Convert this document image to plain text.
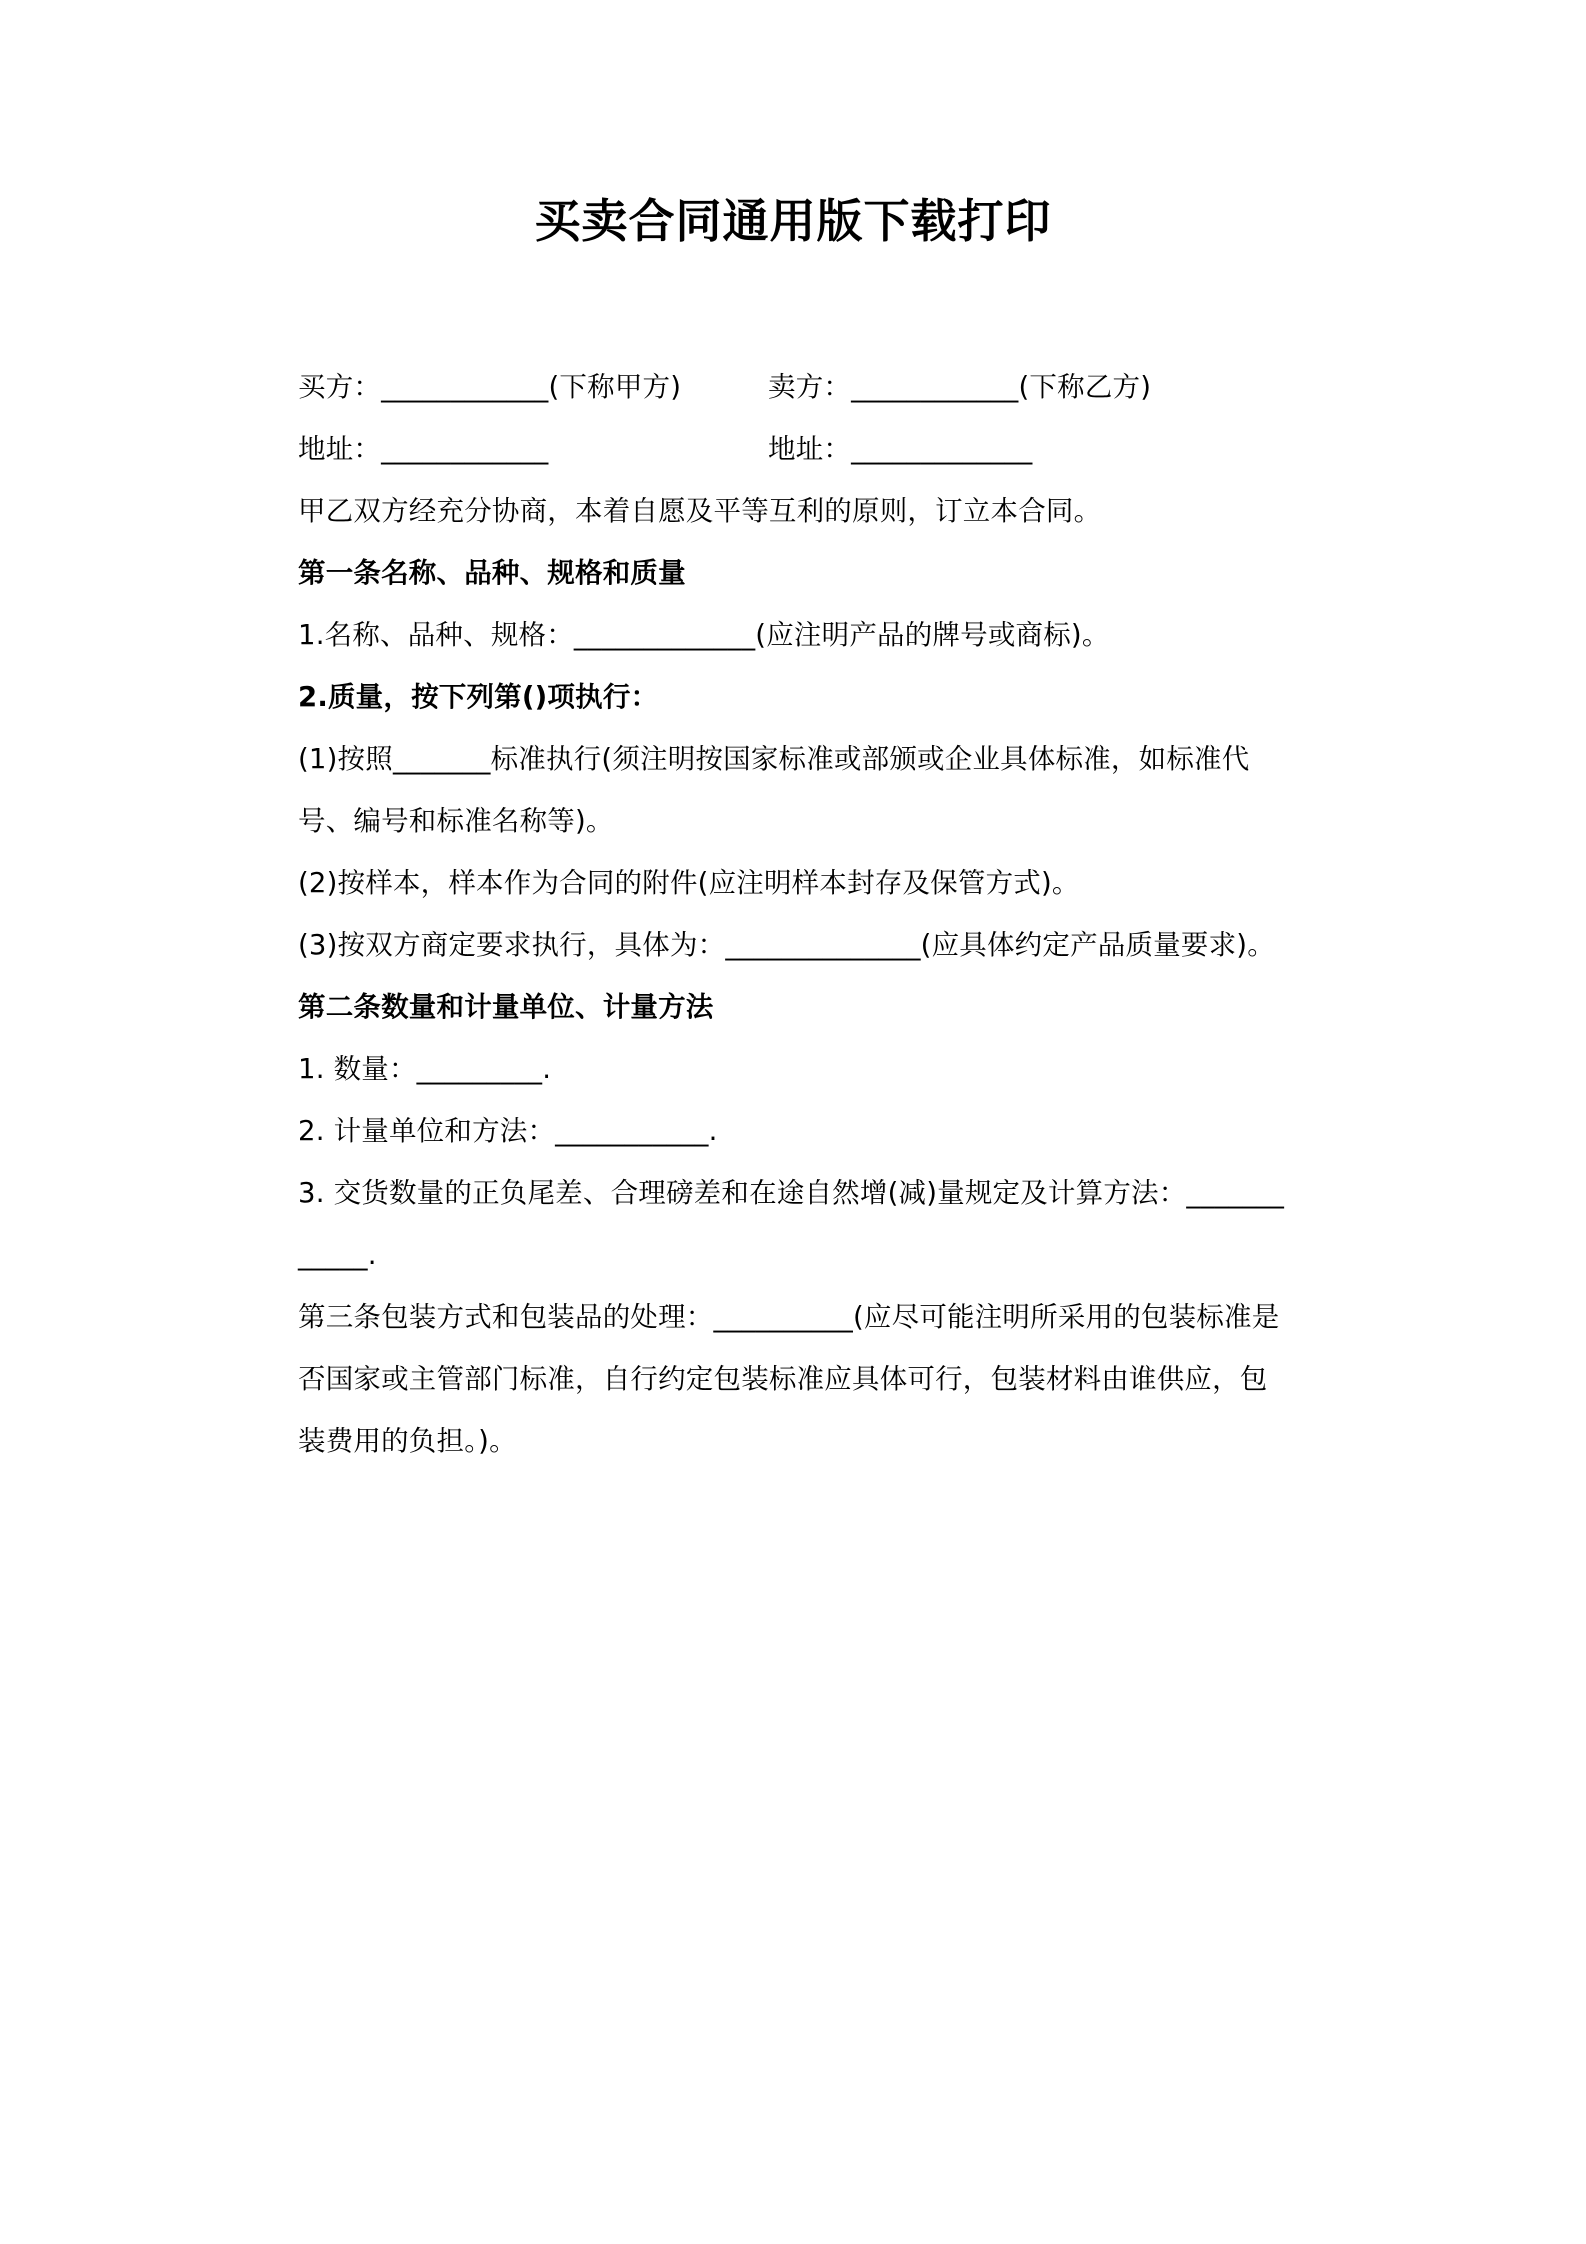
买卖合同通用版下载打印
买方：____________(下称甲方)	卖方：____________(下称乙方)
地址：____________	地址：_____________

甲乙双方经充分协商，本着自愿及平等互利的原则，订立本合同。

第一条名称、品种、规格和质量

1.名称、品种、规格：_____________(应注明产品的牌号或商标)。

2.质量，按下列第()项执行：

(1)按照_______标准执行(须注明按国家标准或部颁或企业具体标准，如标准代号、编号和标准名称等)。

(2)按样本，样本作为合同的附件(应注明样本封存及保管方式)。

(3)按双方商定要求执行，具体为：______________(应具体约定产品质量要求)。

第二条数量和计量单位、计量方法

1. 数量：_________.

2. 计量单位和方法：___________.

3. 交货数量的正负尾差、合理磅差和在途自然增(减)量规定及计算方法：____________.

第三条包装方式和包装品的处理：__________(应尽可能注明所采用的包装标准是否国家或主管部门标准，自行约定包装标准应具体可行，包装材料由谁供应，包装费用的负担。)。
